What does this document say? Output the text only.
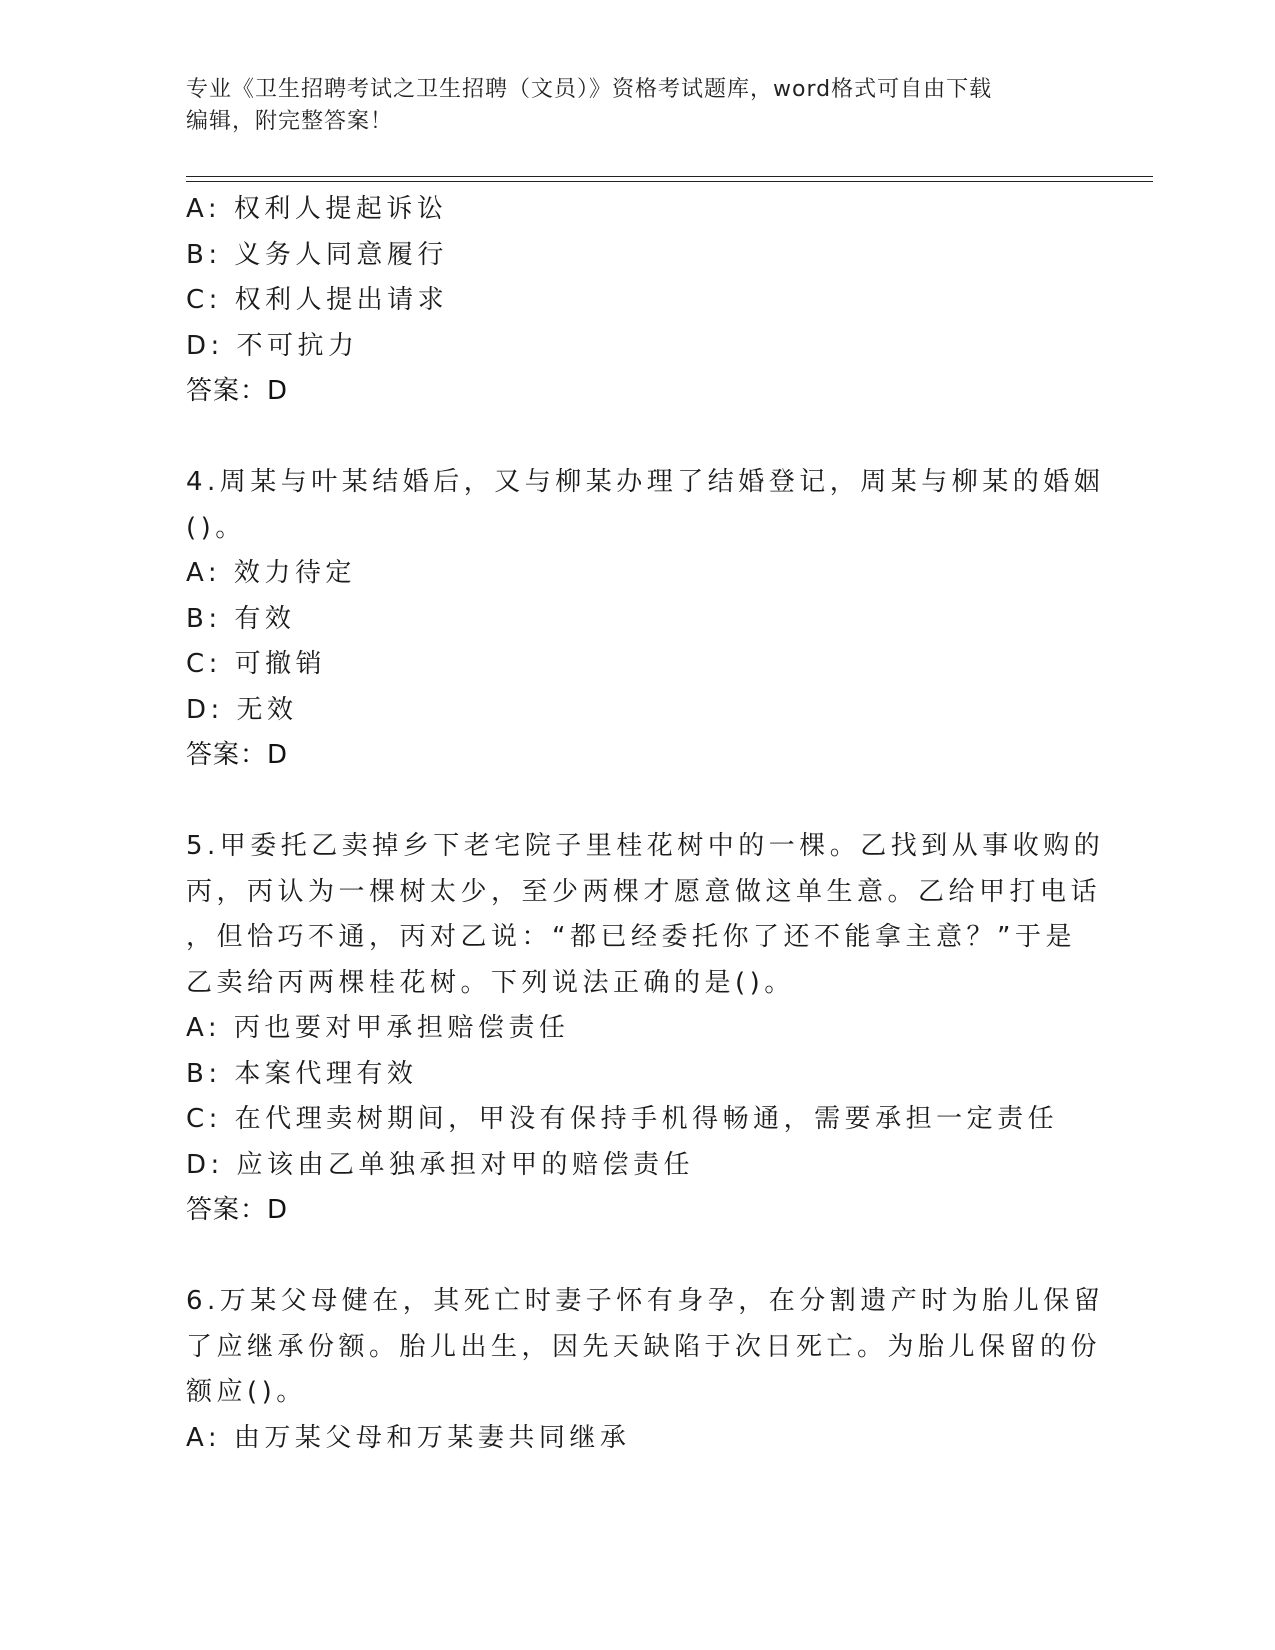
专业《卫生招聘考试之卫生招聘（文员）》资格考试题库，word格式可自由下载
编辑，附完整答案！
A: 权利人提起诉讼
B: 义务人同意履行
C: 权利人提出请求
D: 不可抗力
答案：D
4.周某与叶某结婚后，又与柳某办理了结婚登记，周某与柳某的婚姻
()。
A: 效力待定
B: 有效
C: 可撤销
D: 无效
答案：D
5.甲委托乙卖掉乡下老宅院子里桂花树中的一棵。乙找到从事收购的
丙，丙认为一棵树太少，至少两棵才愿意做这单生意。乙给甲打电话
，但恰巧不通，丙对乙说：“都已经委托你了还不能拿主意？”于是
乙卖给丙两棵桂花树。下列说法正确的是()。
A: 丙也要对甲承担赔偿责任
B: 本案代理有效
C: 在代理卖树期间，甲没有保持手机得畅通，需要承担一定责任
D: 应该由乙单独承担对甲的赔偿责任
答案：D
6.万某父母健在，其死亡时妻子怀有身孕，在分割遗产时为胎儿保留
了应继承份额。胎儿出生，因先天缺陷于次日死亡。为胎儿保留的份
额应()。
A: 由万某父母和万某妻共同继承
